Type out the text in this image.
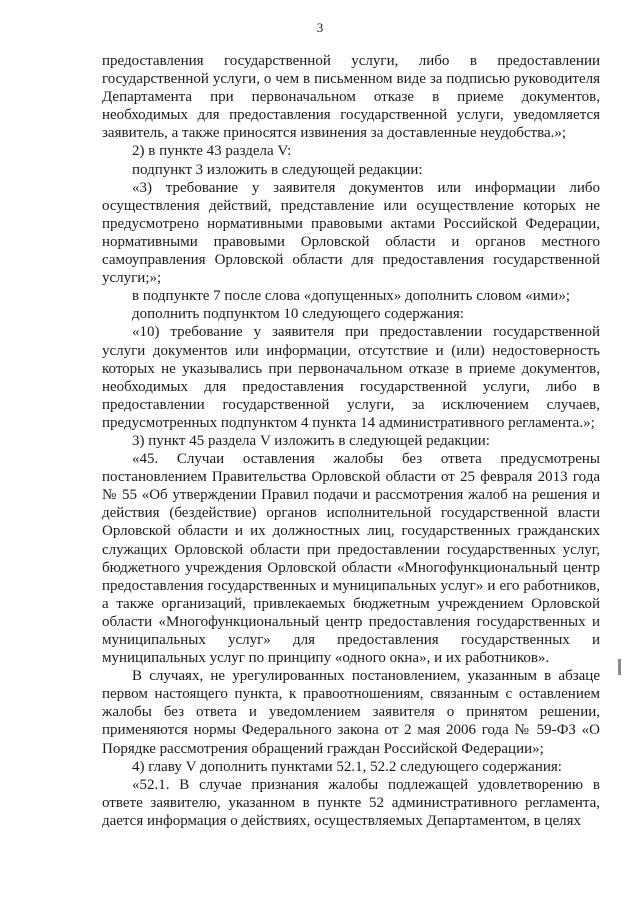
3

предоставления государственной услуги, либо в предоставлении государственной услуги, о чем в письменном виде за подписью руководителя Департамента при первоначальном отказе в приеме документов, необходимых для предоставления государственной услуги, уведомляется заявитель, а также приносятся извинения за доставленные неудобства.»;

2) в пункте 43 раздела V:

подпункт 3 изложить в следующей редакции:

«3) требование у заявителя документов или информации либо осуществления действий, представление или осуществление которых не предусмотрено нормативными правовыми актами Российской Федерации, нормативными правовыми Орловской области и органов местного самоуправления Орловской области для предоставления государственной услуги;»;

в подпункте 7 после слова «допущенных» дополнить словом «ими»;

дополнить подпунктом 10 следующего содержания:

«10) требование у заявителя при предоставлении государственной услуги документов или информации, отсутствие и (или) недостоверность которых не указывались при первоначальном отказе в приеме документов, необходимых для предоставления государственной услуги, либо в предоставлении государственной услуги, за исключением случаев, предусмотренных подпунктом 4 пункта 14 административного регламента.»;

3) пункт 45 раздела V изложить в следующей редакции:

«45. Случаи оставления жалобы без ответа предусмотрены постановлением Правительства Орловской области от 25 февраля 2013 года № 55 «Об утверждении Правил подачи и рассмотрения жалоб на решения и действия (бездействие) органов исполнительной государственной власти Орловской области и их должностных лиц, государственных гражданских служащих Орловской области при предоставлении государственных услуг, бюджетного учреждения Орловской области «Многофункциональный центр предоставления государственных и муниципальных услуг» и его работников, а также организаций, привлекаемых бюджетным учреждением Орловской области «Многофункциональный центр предоставления государственных и муниципальных услуг» для предоставления государственных и муниципальных услуг по принципу «одного окна», и их работников».

В случаях, не урегулированных постановлением, указанным в абзаце первом настоящего пункта, к правоотношениям, связанным с оставлением жалобы без ответа и уведомлением заявителя о принятом решении, применяются нормы Федерального закона от 2 мая 2006 года № 59-ФЗ «О Порядке рассмотрения обращений граждан Российской Федерации»;

4) главу V дополнить пунктами 52.1, 52.2 следующего содержания:

«52.1. В случае признания жалобы подлежащей удовлетворению в ответе заявителю, указанном в пункте 52 административного регламента, дается информация о действиях, осуществляемых Департаментом, в целях
